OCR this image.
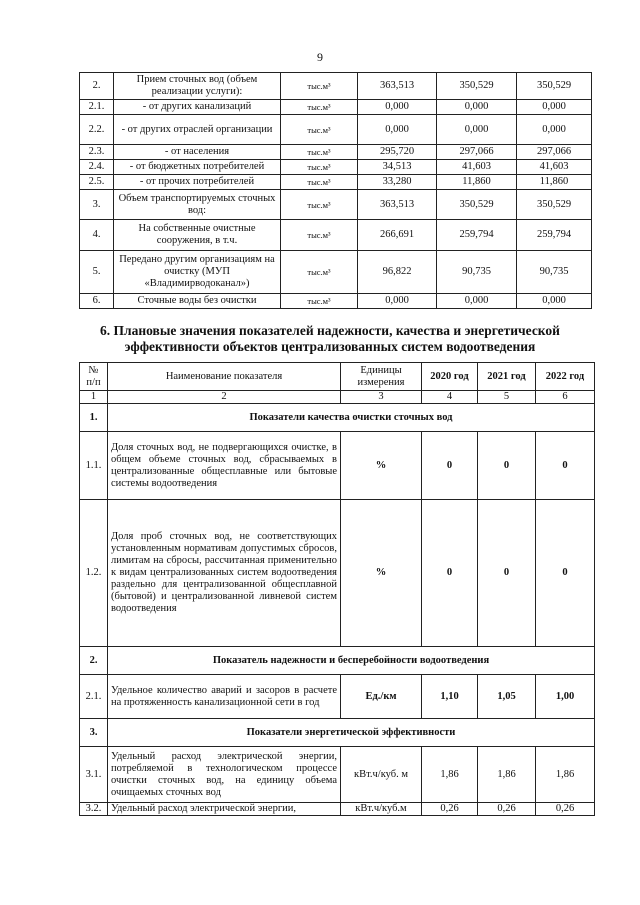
9
2.	Прием сточных вод (объем реализации услуги):	тыс.м³	363,513	350,529	350,529
2.1.	- от других канализаций	тыс.м³	0,000	0,000	0,000
2.2.	- от других отраслей организации	тыс.м³	0,000	0,000	0,000
2.3.	- от населения	тыс.м³	295,720	297,066	297,066
2.4.	- от бюджетных потребителей	тыс.м³	34,513	41,603	41,603
2.5.	- от прочих потребителей	тыс.м³	33,280	11,860	11,860
3.	Объем транспортируемых сточных вод:	тыс.м³	363,513	350,529	350,529
4.	На собственные очистные сооружения, в т.ч.	тыс.м³	266,691	259,794	259,794
5.	Передано другим организациям на очистку (МУП «Владимирводоканал»)	тыс.м³	96,822	90,735	90,735
6.	Сточные воды без очистки	тыс.м³	0,000	0,000	0,000
6. Плановые значения показателей надежности, качества и энергетической эффективности объектов централизованных систем водоотведения
№ п/п	Наименование показателя	Единицы измерения	2020 год	2021 год	2022 год
1	2	3	4	5	6
1.	Показатели качества очистки сточных вод				
1.1.	Доля сточных вод, не подвергающихся очистке, в общем объеме сточных вод, сбрасываемых в централизованные общесплавные или бытовые системы водоотведения	%	0	0	0
1.2.	Доля проб сточных вод, не соответствующих установленным нормативам допустимых сбросов, лимитам на сбросы, рассчитанная применительно к видам централизованных систем водоотведения раздельно для централизованной общесплавной (бытовой) и централизованной ливневой систем водоотведения	%	0	0	0
2.	Показатель надежности и бесперебойности водоотведения				
2.1.	Удельное количество аварий и засоров в расчете на протяженность канализационной сети в год	Ед./км	1,10	1,05	1,00
3.	Показатели энергетической эффективности				
3.1.	Удельный расход электрической энергии, потребляемой в технологическом процессе очистки сточных вод, на единицу объема очищаемых сточных вод	кВт.ч/куб. м	1,86	1,86	1,86
3.2.	Удельный расход электрической энергии,	кВт.ч/куб.м	0,26	0,26	0,26
